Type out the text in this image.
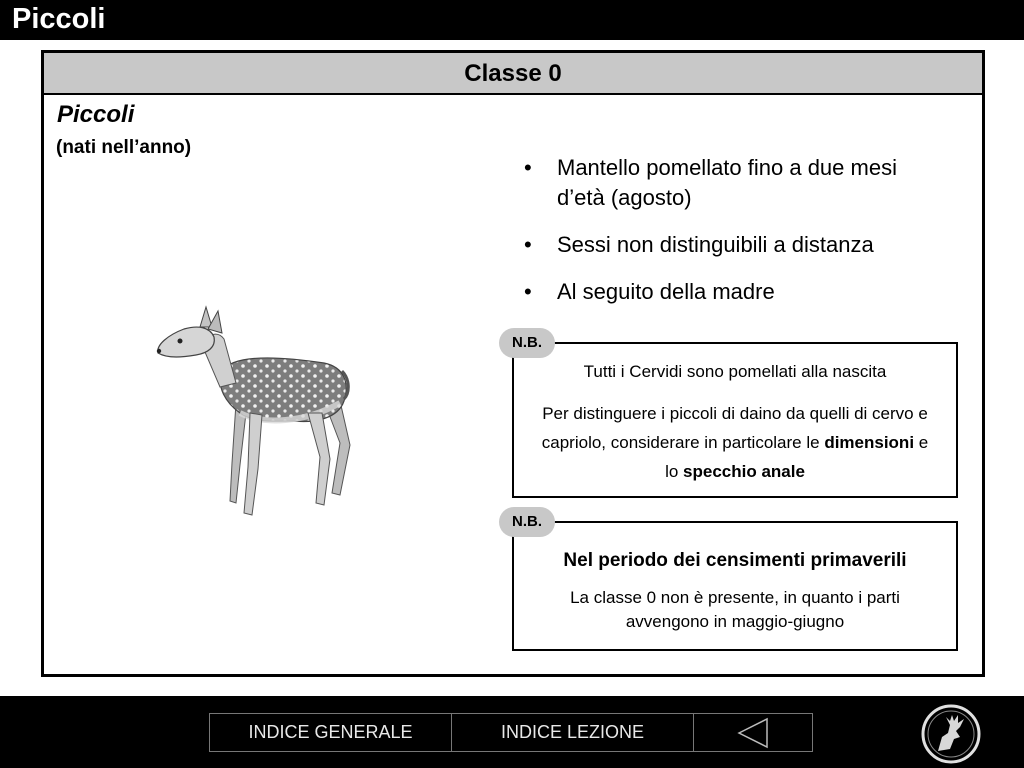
Piccoli
Classe 0
Piccoli
(nati nell’anno)
• Mantello pomellato fino a due mesi d’età (agosto)
• Sessi non distinguibili a distanza
• Al seguito della madre
Tutti i Cervidi sono pomellati alla nascita
Per distinguere i piccoli di daino da quelli di cervo e capriolo, considerare in particolare le dimensioni e lo specchio anale
N.B.
Nel periodo dei censimenti primaverili
La classe 0 non è presente, in quanto i parti avvengono in maggio-giugno
N.B.
INDICE GENERALE	INDICE LEZIONE
